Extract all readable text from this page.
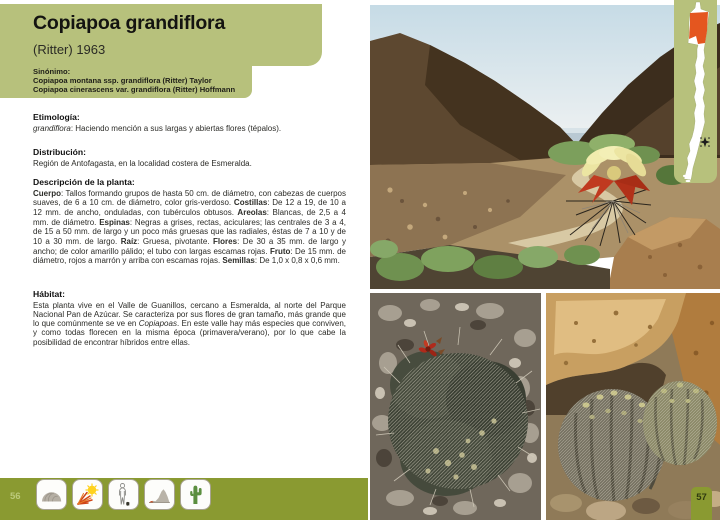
Copiapoa grandiflora
(Ritter) 1963
Sinónimo:
Copiapoa montana ssp. grandiflora (Ritter) Taylor
Copiapoa cinerascens var. grandiflora (Ritter) Hoffmann
Etimología:

grandiflora: Haciendo mención a sus largas y abiertas flores (tépalos).

Distribución:

Región de Antofagasta, en la localidad costera de Esmeralda.

Descripción de la planta:

Cuerpo: Tallos formando grupos de hasta 50 cm. de diámetro, con cabezas de cuerpos suaves, de 6 a 10 cm. de diámetro, color gris-verdoso. Costillas: De 12 a 19, de 10 a 12 mm. de ancho, onduladas, con tubérculos obtusos. Areolas: Blancas, de 2,5 a 4 mm. de diámetro. Espinas: Negras a grises, rectas, aciculares; las centrales de 3 a 4, de 15 a 50 mm. de largo y un poco más gruesas que las radiales, éstas de 7 a 10 y de 10 a 30 mm. de largo. Raíz: Gruesa, pivotante. Flores: De 30 a 35 mm. de largo y ancho; de color amarillo pálido; el tubo con largas escamas rojas. Fruto: De 15 mm. de diámetro, rojos a marrón y arriba con escamas rojas. Semillas: De 1,0 x 0,8 x 0,6 mm.

Hábitat:

Esta planta vive en el Valle de Guanillos, cercano a Esmeralda, al norte del Parque Nacional Pan de Azúcar. Se caracteriza por sus flores de gran tamaño, más grande que lo que comúnmente se ve en Copiapoas. En este valle hay más especies que conviven, y como todas florecen en la misma época (primavera/verano), por lo que cabe la posibilidad de encontrar híbridos entre ellas.

56	57
